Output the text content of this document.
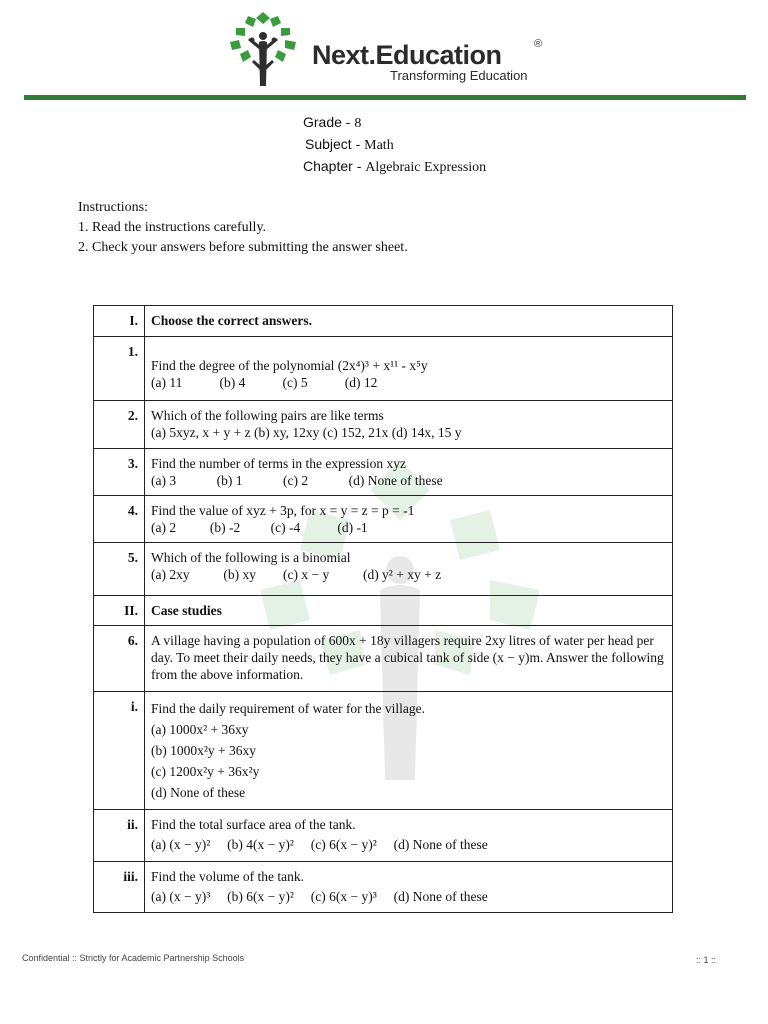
Next.Education	®
Transforming Education
Grade - 8
Subject - Math
Chapter - Algebraic Expression
Instructions:
1. Read the instructions carefully.
2. Check your answers before submitting the answer sheet.
I.	Choose the correct answers.
1.	Find the degree of the polynomial (2x⁴)³ + x¹¹ - x⁵y
(a) 11           (b) 4           (c) 5           (d) 12

2.	Which of the following pairs are like terms
(a) 5xyz, x + y + z (b) xy, 12xy (c) 152, 21x (d) 14x, 15 y

3.	Find the number of terms in the expression xyz
(a) 3            (b) 1            (c) 2            (d) None of these

4.	Find the value of xyz + 3p, for x = y = z = p = -1
(a) 2          (b) -2         (c) -4           (d) -1

5.	Which of the following is a binomial
(a) 2xy          (b) xy        (c) x − y          (d) y² + xy + z

II.	Case studies
6.	A village having a population of 600x + 18y villagers require 2xy litres of water per head per day. To meet their daily needs, they have a cubical tank of side (x − y)m. Answer the following from the above information.

i.	Find the daily requirement of water for the village.
(a) 1000x² + 36xy
(b) 1000x²y + 36xy
(c) 1200x²y + 36x²y
(d) None of these

ii.	Find the total surface area of the tank.
(a) (x − y)²     (b) 4(x − y)²     (c) 6(x − y)²     (d) None of these

iii.	Find the volume of the tank.
(a) (x − y)³     (b) 6(x − y)²     (c) 6(x − y)³     (d) None of these
Confidential :: Strictly for Academic Partnership Schools	:: 1 ::
